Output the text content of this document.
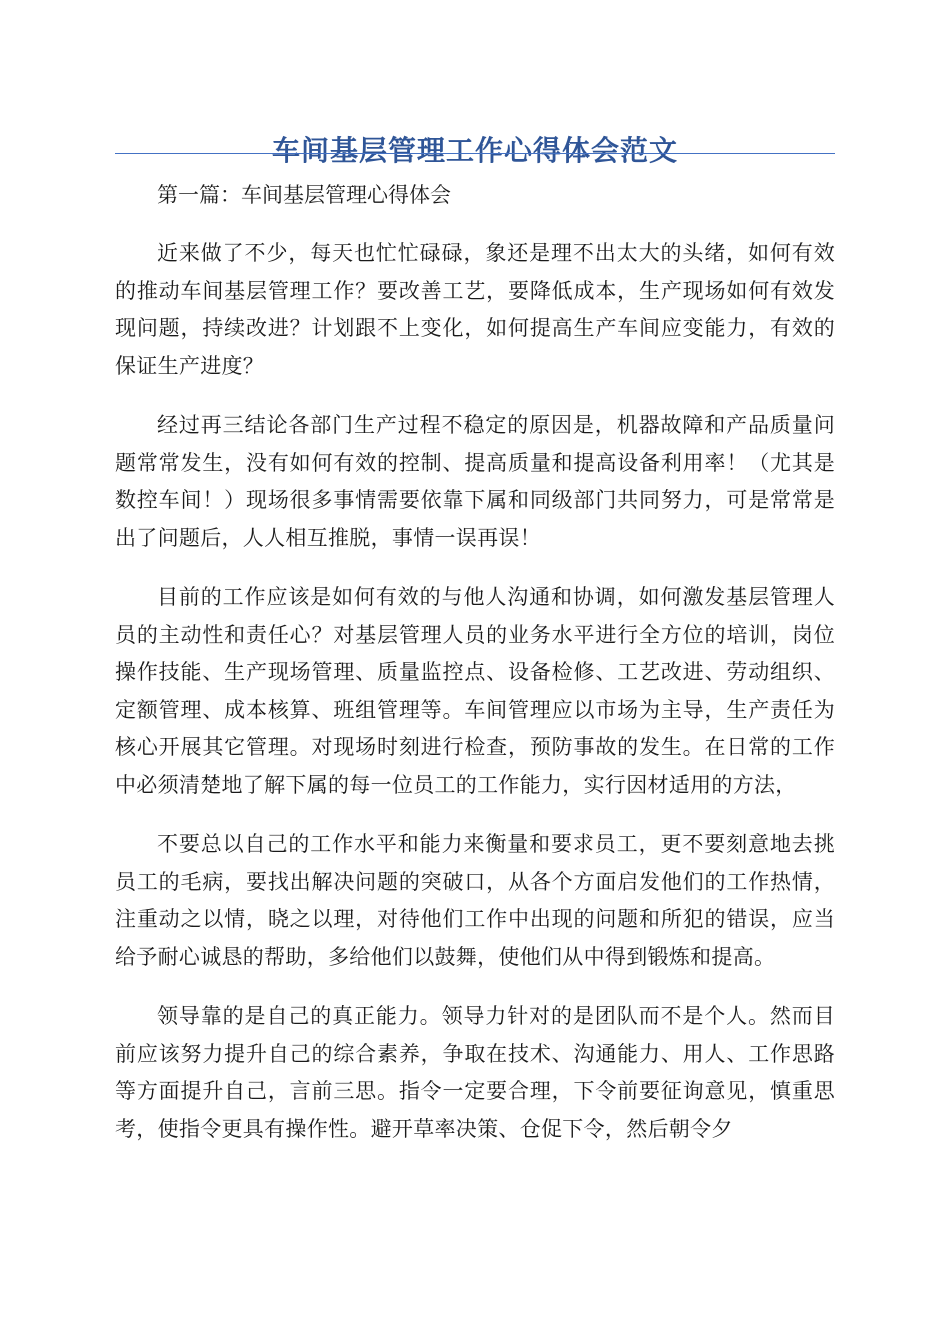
车间基层管理工作心得体会范文

第一篇：车间基层管理心得体会

近来做了不少，每天也忙忙碌碌，象还是理不出太大的头绪，如何有效的推动车间基层管理工作？要改善工艺，要降低成本，生产现场如何有效发现问题，持续改进？计划跟不上变化，如何提高生产车间应变能力，有效的保证生产进度？

经过再三结论各部门生产过程不稳定的原因是，机器故障和产品质量问题常常发生，没有如何有效的控制、提高质量和提高设备利用率！（尤其是数控车间！）现场很多事情需要依靠下属和同级部门共同努力，可是常常是出了问题后，人人相互推脱，事情一误再误！

目前的工作应该是如何有效的与他人沟通和协调，如何激发基层管理人员的主动性和责任心？对基层管理人员的业务水平进行全方位的培训，岗位操作技能、生产现场管理、质量监控点、设备检修、工艺改进、劳动组织、定额管理、成本核算、班组管理等。车间管理应以市场为主导，生产责任为核心开展其它管理。对现场时刻进行检查，预防事故的发生。在日常的工作中必须清楚地了解下属的每一位员工的工作能力，实行因材适用的方法，

不要总以自己的工作水平和能力来衡量和要求员工，更不要刻意地去挑员工的毛病，要找出解决问题的突破口，从各个方面启发他们的工作热情，注重动之以情，晓之以理，对待他们工作中出现的问题和所犯的错误，应当给予耐心诚恳的帮助，多给他们以鼓舞，使他们从中得到锻炼和提高。

领导靠的是自己的真正能力。领导力针对的是团队而不是个人。然而目前应该努力提升自己的综合素养，争取在技术、沟通能力、用人、工作思路等方面提升自己，言前三思。指令一定要合理，下令前要征询意见，慎重思考，使指令更具有操作性。避开草率决策、仓促下令，然后朝令夕
